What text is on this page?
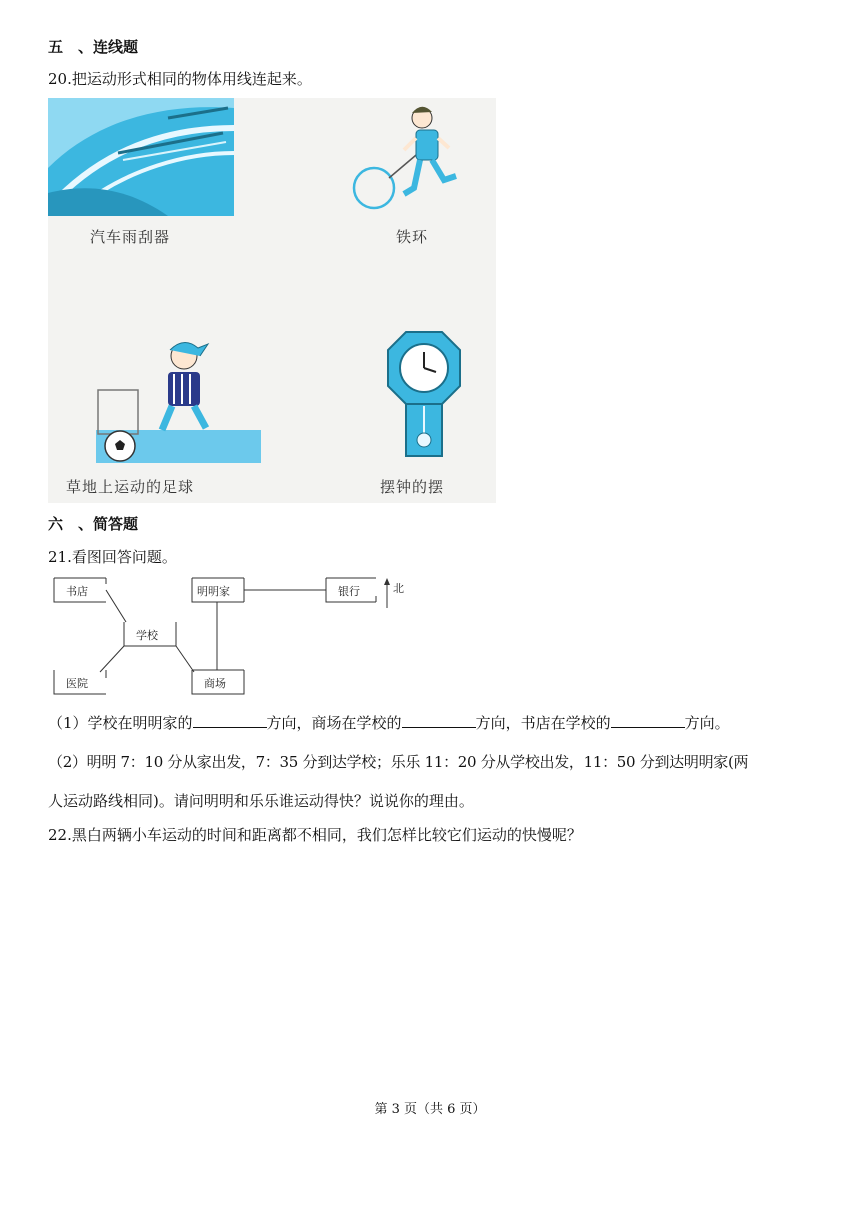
五 、连线题
20.把运动形式相同的物体用线连起来。
汽车雨刮器	铁环
草地上运动的足球	摆钟的摆
六 、简答题
21.看图回答问题。
书店	明明家	银行	北
学校
医院	商场
（1）学校在明明家的	方向，商场在学校的	方向，书店在学校的	方向。
（2）明明 7：10 分从家出发，7：35 分到达学校；乐乐 11：20 分从学校出发，11：50 分到达明明家(两
人运动路线相同)。请问明明和乐乐谁运动得快？说说你的理由。
22.黑白两辆小车运动的时间和距离都不相同，我们怎样比较它们运动的快慢呢？
第 3 页（共 6 页）
